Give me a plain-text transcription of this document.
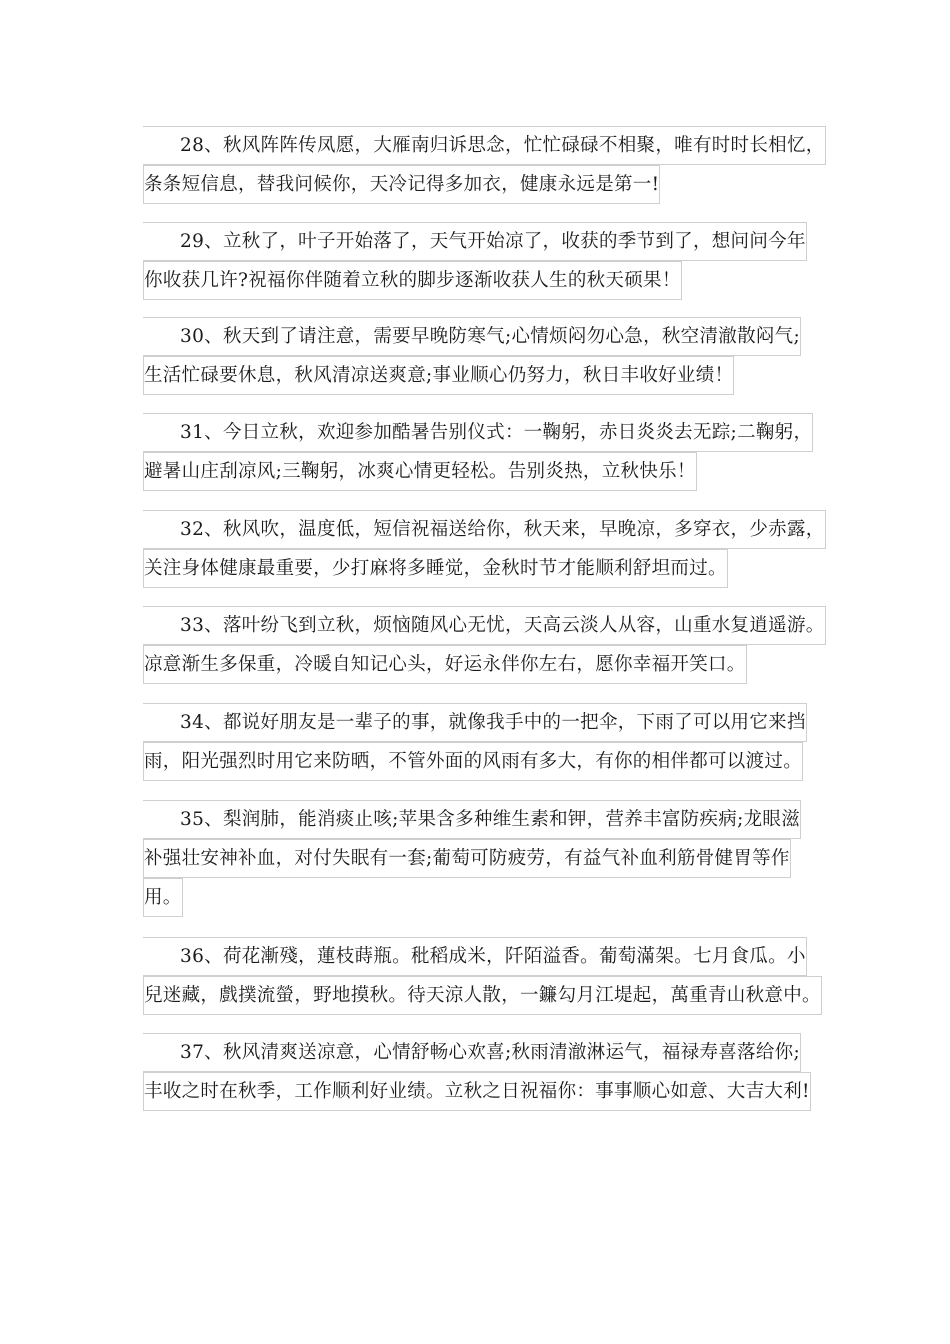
28、秋风阵阵传凤愿，大雁南归诉思念，忙忙碌碌不相聚，唯有时时长相忆，
条条短信息，替我问候你，天冷记得多加衣，健康永远是第一!
29、立秋了，叶子开始落了，天气开始凉了，收获的季节到了，想问问今年
你收获几许?祝福你伴随着立秋的脚步逐渐收获人生的秋天硕果！
30、秋天到了请注意，需要早晚防寒气;心情烦闷勿心急，秋空清澈散闷气;
生活忙碌要休息，秋风清凉送爽意;事业顺心仍努力，秋日丰收好业绩！
31、今日立秋，欢迎参加酷暑告别仪式：一鞠躬，赤日炎炎去无踪;二鞠躬，
避暑山庄刮凉风;三鞠躬，冰爽心情更轻松。告别炎热，立秋快乐！
32、秋风吹，温度低，短信祝福送给你，秋天来，早晚凉，多穿衣，少赤露，
关注身体健康最重要，少打麻将多睡觉，金秋时节才能顺利舒坦而过。
33、落叶纷飞到立秋，烦恼随风心无忧，天高云淡人从容，山重水复逍遥游。
凉意渐生多保重，冷暖自知记心头，好运永伴你左右，愿你幸福开笑口。
34、都说好朋友是一辈子的事，就像我手中的一把伞，下雨了可以用它来挡
雨，阳光强烈时用它来防晒，不管外面的风雨有多大，有你的相伴都可以渡过。
35、梨润肺，能消痰止咳;苹果含多种维生素和钾，营养丰富防疾病;龙眼滋
补强壮安神补血，对付失眠有一套;葡萄可防疲劳，有益气补血利筋骨健胃等作
用。
36、荷花漸殘，蓮枝蒔瓶。秕稻成米，阡陌溢香。葡萄滿架。七月食瓜。小
兒迷藏，戲撲流螢，野地摸秋。待天涼人散，一鐮勾月江堤起，萬重青山秋意中。
37、秋风清爽送凉意，心情舒畅心欢喜;秋雨清澈淋运气，福禄寿喜落给你;
丰收之时在秋季，工作顺利好业绩。立秋之日祝福你：事事顺心如意、大吉大利!
